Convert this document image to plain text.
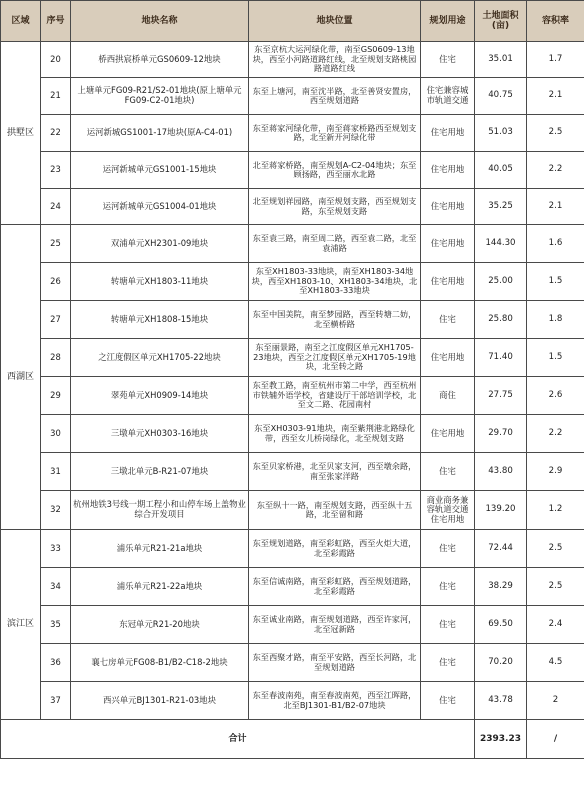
区域	序号	地块名称	地块位置	规划用途	土地面积(亩)	容积率
拱墅区	20	桥西拱宸桥单元GS0609-12地块	东至京杭大运河绿化带，南至GS0609-13地块，西至小河路道路红线，北至规划支路桃园路道路红线	住宅	35.01	1.7
	21	上塘单元FG09-R21/S2-01地块(原上塘单元FG09-C2-01地块)	东至上塘河，南至沈半路，北至善贤安置房，西至规划道路	住宅兼容城市轨道交通	40.75	2.1
	22	运河新城GS1001-17地块(原A-C4-01)	东至蒋家河绿化带，南至蒋家桥路西至规划支路，北至新开河绿化带	住宅用地	51.03	2.5
	23	运河新城单元GS1001-15地块	北至蒋家桥路，南至规划A-C2-04地块；东至顾扬路，西至丽水北路	住宅用地	40.05	2.2
	24	运河新城单元GS1004-01地块	北至规划祥园路，南至规划支路，西至规划支路，东至规划支路	住宅用地	35.25	2.1
西湖区	25	双浦单元XH2301-09地块	东至袁三路，南至周二路，西至袁二路，北至袁浦路	住宅用地	144.30	1.6
	26	转塘单元XH1803-11地块	东至XH1803-33地块，南至XH1803-34地块，西至XH1803-10、XH1803-34地块，北至XH1803-33地块	住宅用地	25.00	1.5
	27	转塘单元XH1808-15地块	东至中国美院，南至梦园路，西至转塘二妨，北至横桥路	住宅	25.80	1.8
	28	之江度假区单元XH1705-22地块	东至丽景路，南至之江度假区单元XH1705-23地块，西至之江度假区单元XH1705-19地块，北至转之路	住宅用地	71.40	1.5
	29	翠苑单元XH0909-14地块	东至教工路，南至杭州市第二中学，西至杭州市铁辅外语学校，省建设厅干部培训学校，北至文二路、花园南村	商住	27.75	2.6
	30	三墩单元XH0303-16地块	东至XH0303-91地块，南至紫荆港北路绿化带，西至女儿桥岗绿化，北至规划支路	住宅用地	29.70	2.2
	31	三墩北单元B-R21-07地块	东至贝家桥港，北至贝家支河，西至墩余路，南至张家洋路	住宅	43.80	2.9
	32	杭州地铁3号线一期工程小和山停车场上盖物业综合开发项目	东至纵十一路，南至规划支路，西至纵十五路，北至留和路	商业商务兼容轨道交通住宅用地	139.20	1.2
滨江区	33	浦乐单元R21-21a地块	东至规划道路，南至彩虹路，西至火炬大道，北至彩霞路	住宅	72.44	2.5
	34	浦乐单元R21-22a地块	东至信诚南路，南至彩虹路，西至规划道路，北至彩霞路	住宅	38.29	2.5
	35	东冠单元R21-20地块	东至诚业南路，南至规划道路，西至许家河，北至冠新路	住宅	69.50	2.4
	36	襄七房单元FG08-B1/B2-C18-2地块	东至西聚才路，南至平安路，西至长河路，北至规划道路	住宅	70.20	4.5
	37	西兴单元BJ1301-R21-03地块	东至春波南苑，南至春波南苑，西至江晖路，北至BJ1301-B1/B2-07地块	住宅	43.78	2
合计					2393.23	/
